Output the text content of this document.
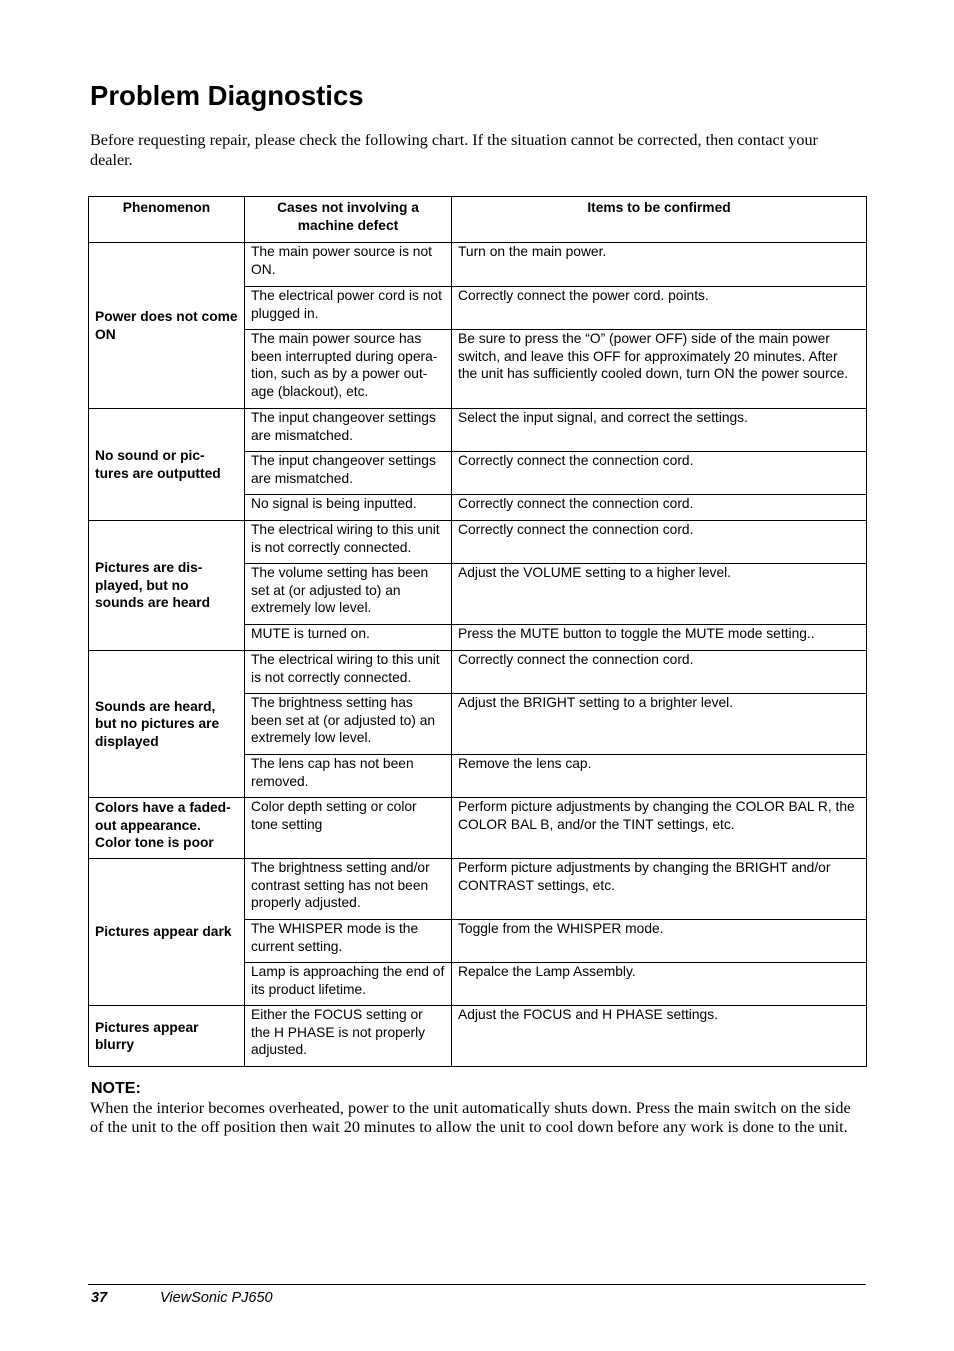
Problem Diagnostics

Before requesting repair, please check the following chart. If the situation cannot be corrected, then contact your dealer.

Phenomenon	Cases not involving a machine defect	Items to be confirmed
Power does not come ON	The main power source is not ON.	Turn on the main power.
	The electrical power cord is not plugged in.	Correctly connect the power cord. points.
	The main power source has been interrupted during opera-tion, such as by a power out-age (blackout), etc.	Be sure to press the “O” (power OFF) side of the main power switch, and leave this OFF for approximately 20 minutes. After the unit has sufficiently cooled down, turn ON the power source.
No sound or pic-tures are outputted	The input changeover settings are mismatched.	Select the input signal, and correct the settings.
	The input changeover settings are mismatched.	Correctly connect the connection cord.
	No signal is being inputted.	Correctly connect the connection cord.
Pictures are dis-played, but no sounds are heard	The electrical wiring to this unit is not correctly connected.	Correctly connect the connection cord.
	The volume setting has been set at (or adjusted to) an extremely low level.	Adjust the VOLUME setting to a higher level.
	MUTE is turned on.	Press the MUTE button to toggle the MUTE mode setting..
Sounds are heard, but no pictures are displayed	The electrical wiring to this unit is not correctly connected.	Correctly connect the connection cord.
	The brightness setting has been set at (or adjusted to) an extremely low level.	Adjust the BRIGHT setting to a brighter level.
	The lens cap has not been removed.	Remove the lens cap.
Colors have a faded-out appearance. Color tone is poor	Color depth setting or color tone setting	Perform picture adjustments by changing the COLOR BAL R, the COLOR BAL B, and/or the TINT settings, etc.
Pictures appear dark	The brightness setting and/or contrast setting has not been properly adjusted.	Perform picture adjustments by changing the BRIGHT and/or CONTRAST settings, etc.
	The WHISPER mode is the current setting.	Toggle from the WHISPER mode.
	Lamp is approaching the end of its product lifetime.	Repalce the Lamp Assembly.
Pictures appear blurry	Either the FOCUS setting or the H PHASE is not properly adjusted.	Adjust the FOCUS and H PHASE settings.

NOTE:

When the interior becomes overheated, power to the unit automatically shuts down. Press the main switch on the side of the unit to the off position then wait 20 minutes to allow the unit to cool down before any work is done to the unit.

37	ViewSonic PJ650
